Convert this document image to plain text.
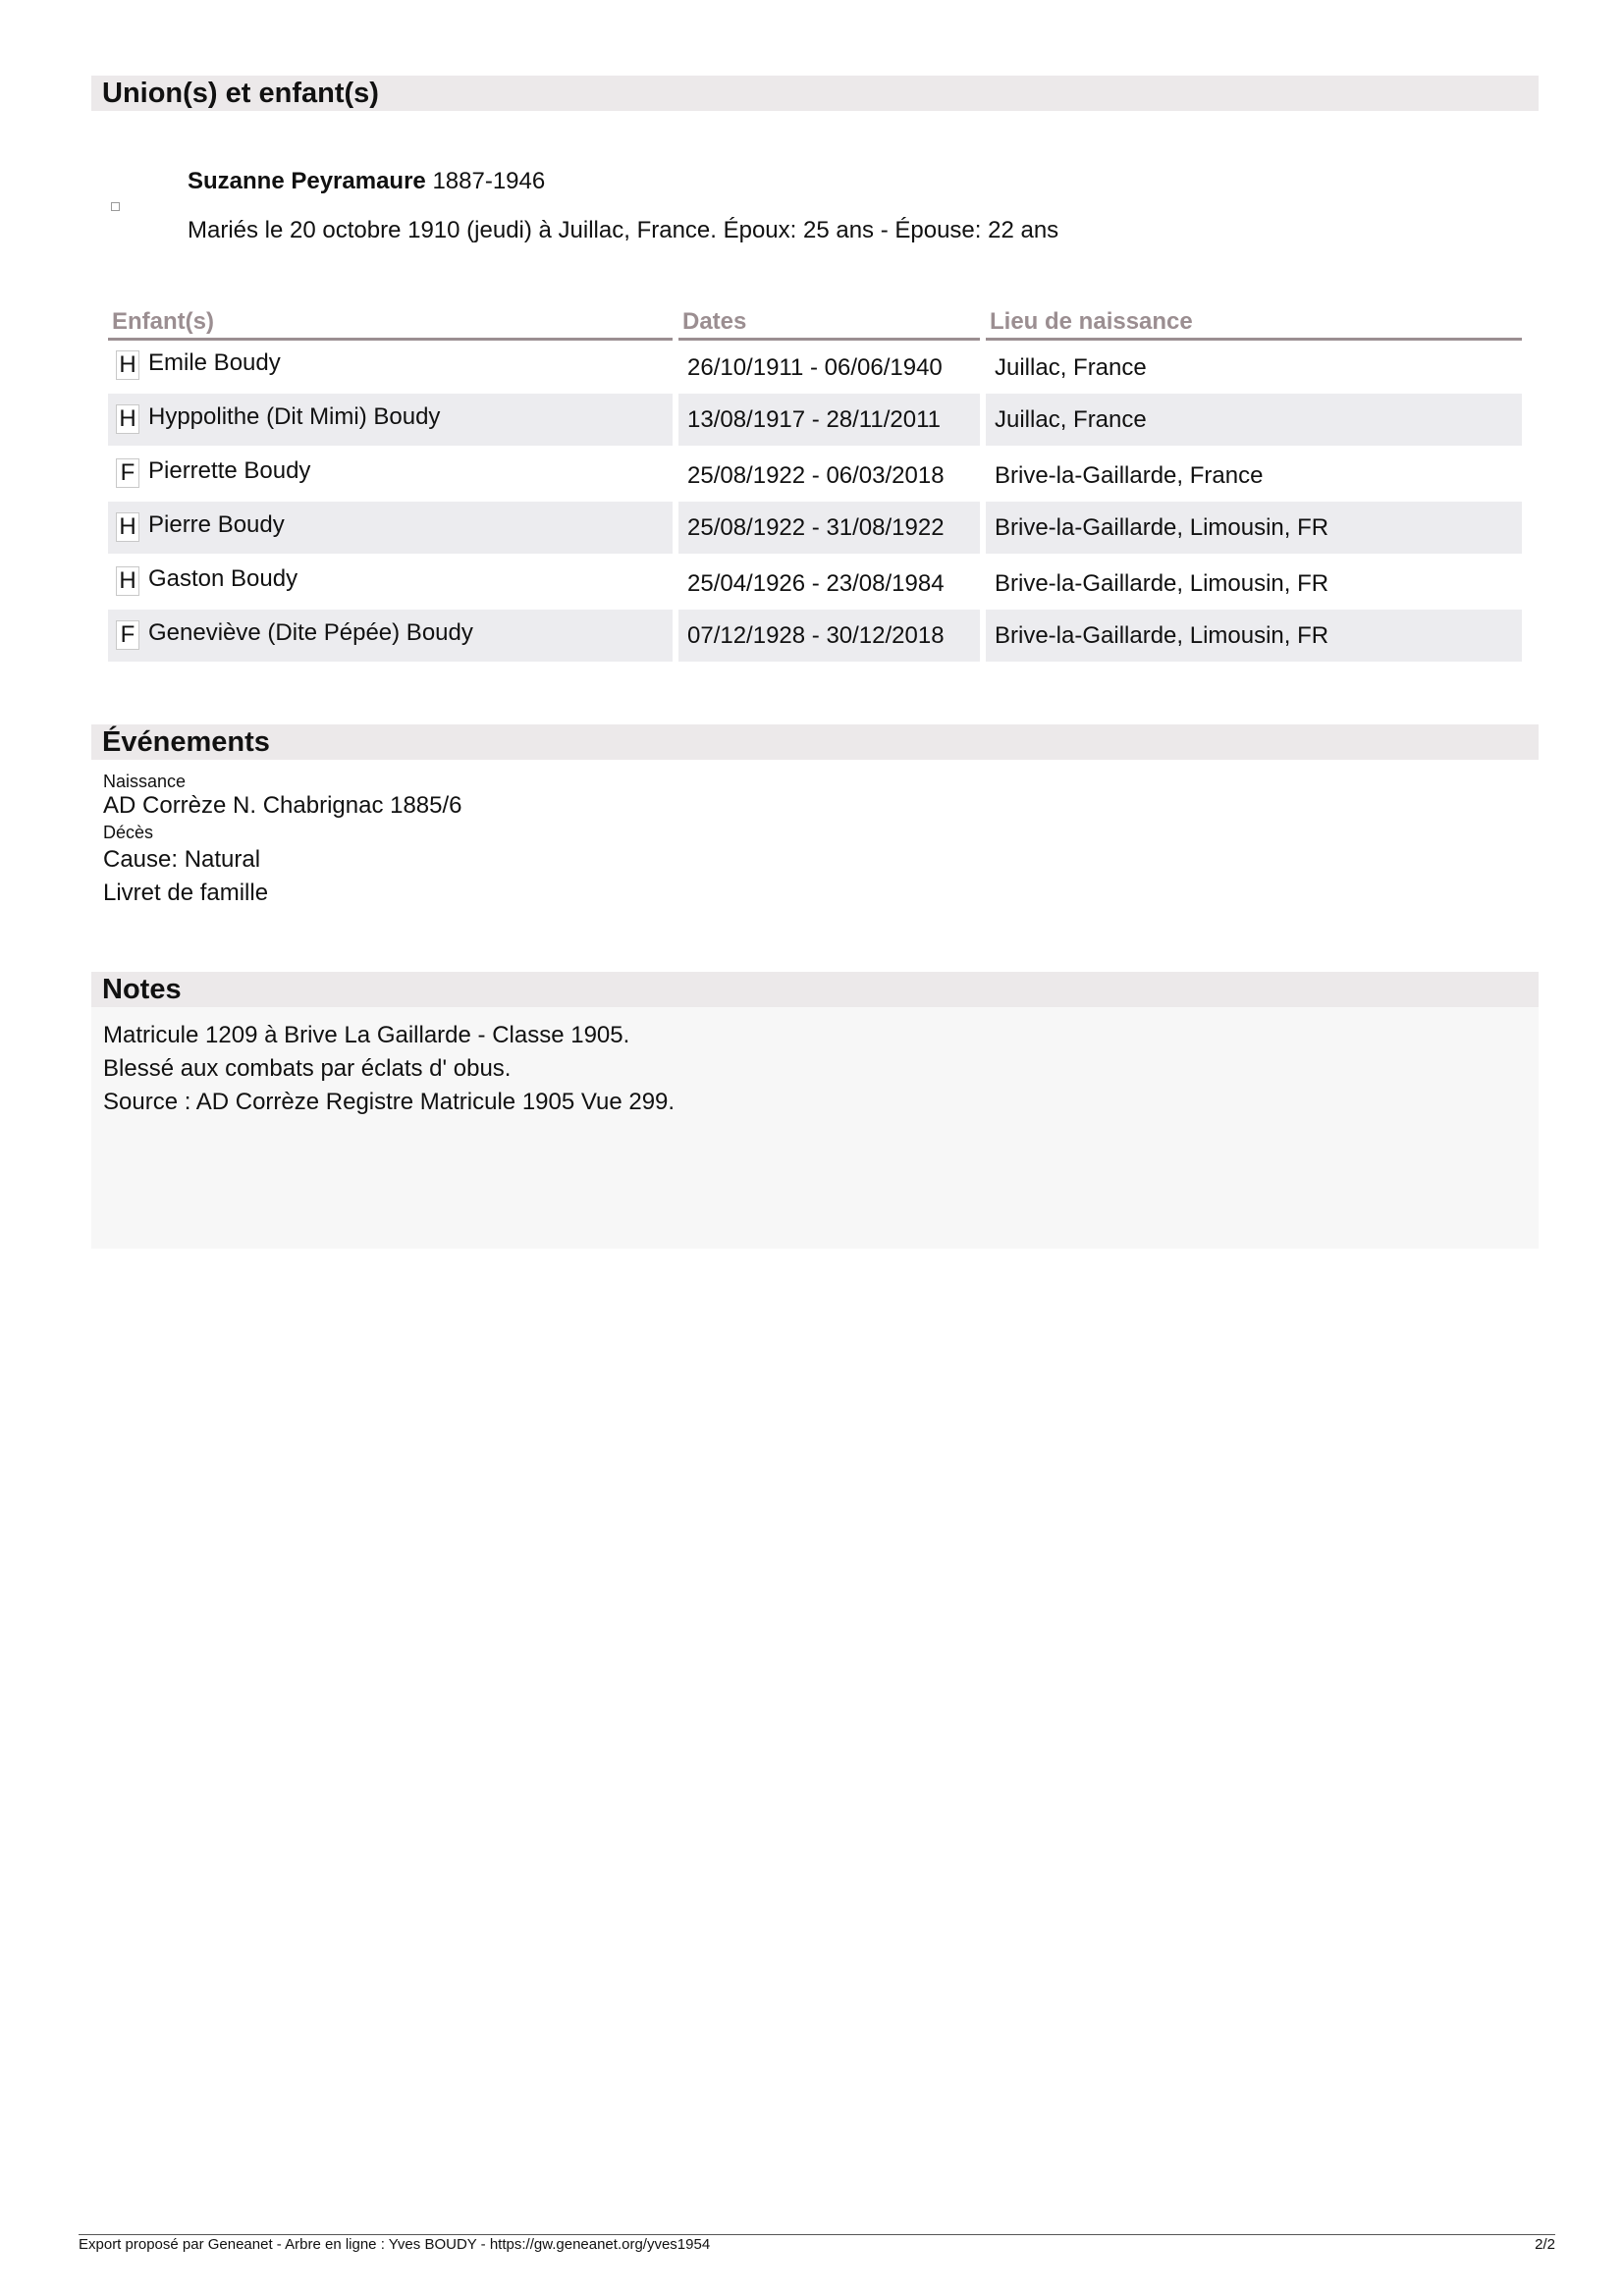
Union(s) et enfant(s)
Suzanne Peyramaure 1887-1946
Mariés le 20 octobre 1910 (jeudi) à Juillac, France. Époux: 25 ans - Épouse: 22 ans
Enfant(s)	Dates	Lieu de naissance
H Emile Boudy	26/10/1911 - 06/06/1940	Juillac, France
H Hyppolithe (Dit Mimi) Boudy	13/08/1917 - 28/11/2011	Juillac, France
F Pierrette Boudy	25/08/1922 - 06/03/2018	Brive-la-Gaillarde, France
H Pierre Boudy	25/08/1922 - 31/08/1922	Brive-la-Gaillarde, Limousin, FR
H Gaston Boudy	25/04/1926 - 23/08/1984	Brive-la-Gaillarde, Limousin, FR
F Geneviève (Dite Pépée) Boudy	07/12/1928 - 30/12/2018	Brive-la-Gaillarde, Limousin, FR
Événements
Naissance
AD Corrèze N. Chabrignac 1885/6
Décès
Cause: Natural
Livret de famille
Notes
Matricule 1209 à Brive La Gaillarde - Classe 1905.
Blessé aux combats par éclats d' obus.
Source : AD Corrèze Registre Matricule 1905 Vue 299.
Export proposé par Geneanet - Arbre en ligne : Yves BOUDY - https://gw.geneanet.org/yves1954	2/2
